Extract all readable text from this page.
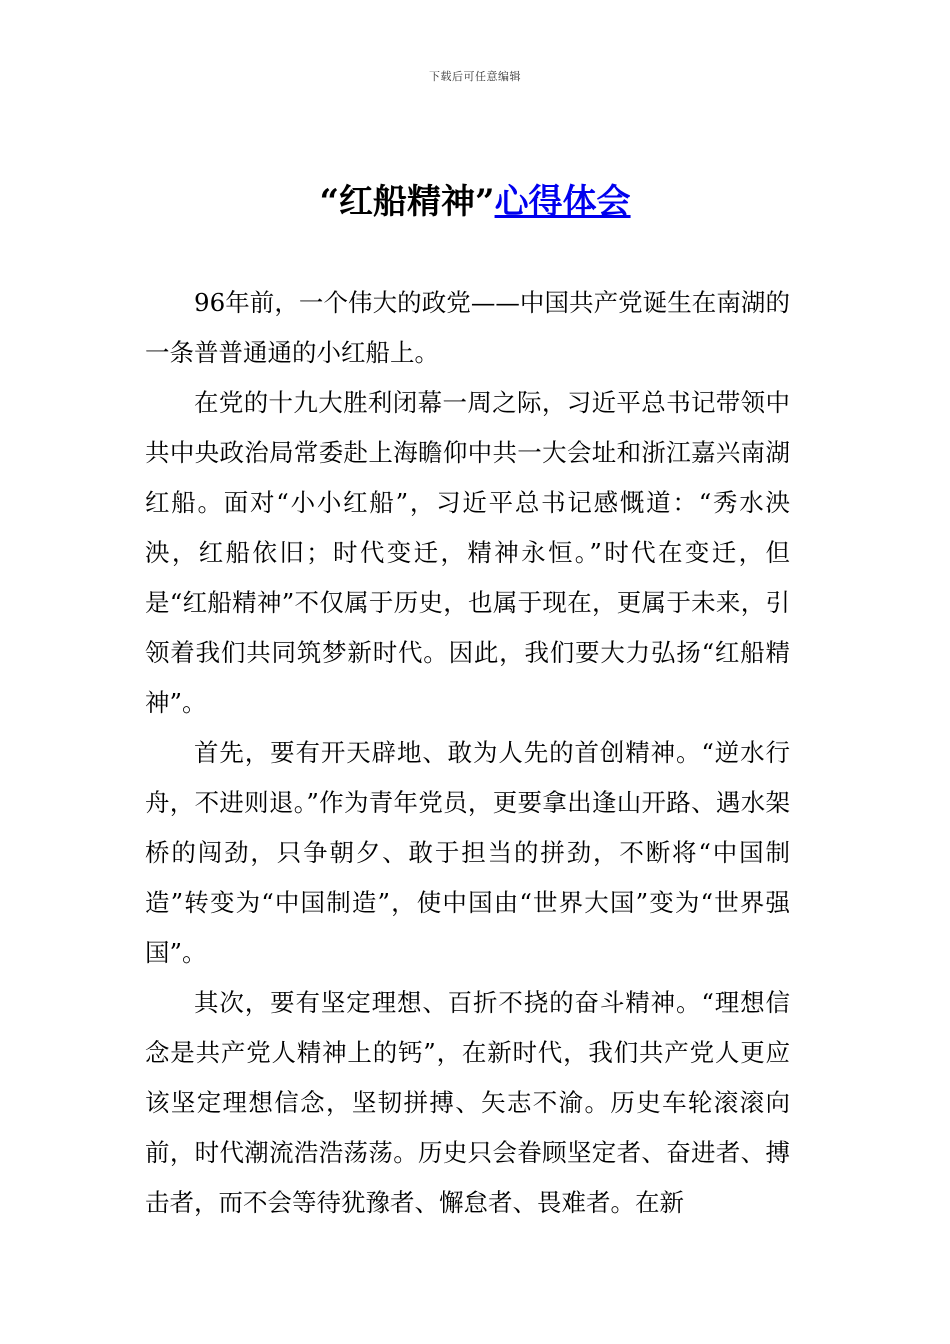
下载后可任意编辑
“红船精神”心得体会

96年前，一个伟大的政党——中国共产党诞生在南湖的一条普普通通的小红船上。

在党的十九大胜利闭幕一周之际，习近平总书记带领中共中央政治局常委赴上海瞻仰中共一大会址和浙江嘉兴南湖红船。面对“小小红船”，习近平总书记感慨道：“秀水泱泱，红船依旧；时代变迁，精神永恒。”时代在变迁，但是“红船精神”不仅属于历史，也属于现在，更属于未来，引领着我们共同筑梦新时代。因此，我们要大力弘扬“红船精神”。

首先，要有开天辟地、敢为人先的首创精神。“逆水行舟，不进则退。”作为青年党员，更要拿出逢山开路、遇水架桥的闯劲，只争朝夕、敢于担当的拼劲，不断将“中国制造”转变为“中国制造”，使中国由“世界大国”变为“世界强国”。

其次，要有坚定理想、百折不挠的奋斗精神。“理想信念是共产党人精神上的钙”，在新时代，我们共产党人更应该坚定理想信念，坚韧拼搏、矢志不渝。历史车轮滚滚向前，时代潮流浩浩荡荡。历史只会眷顾坚定者、奋进者、搏击者，而不会等待犹豫者、懈怠者、畏难者。在新
